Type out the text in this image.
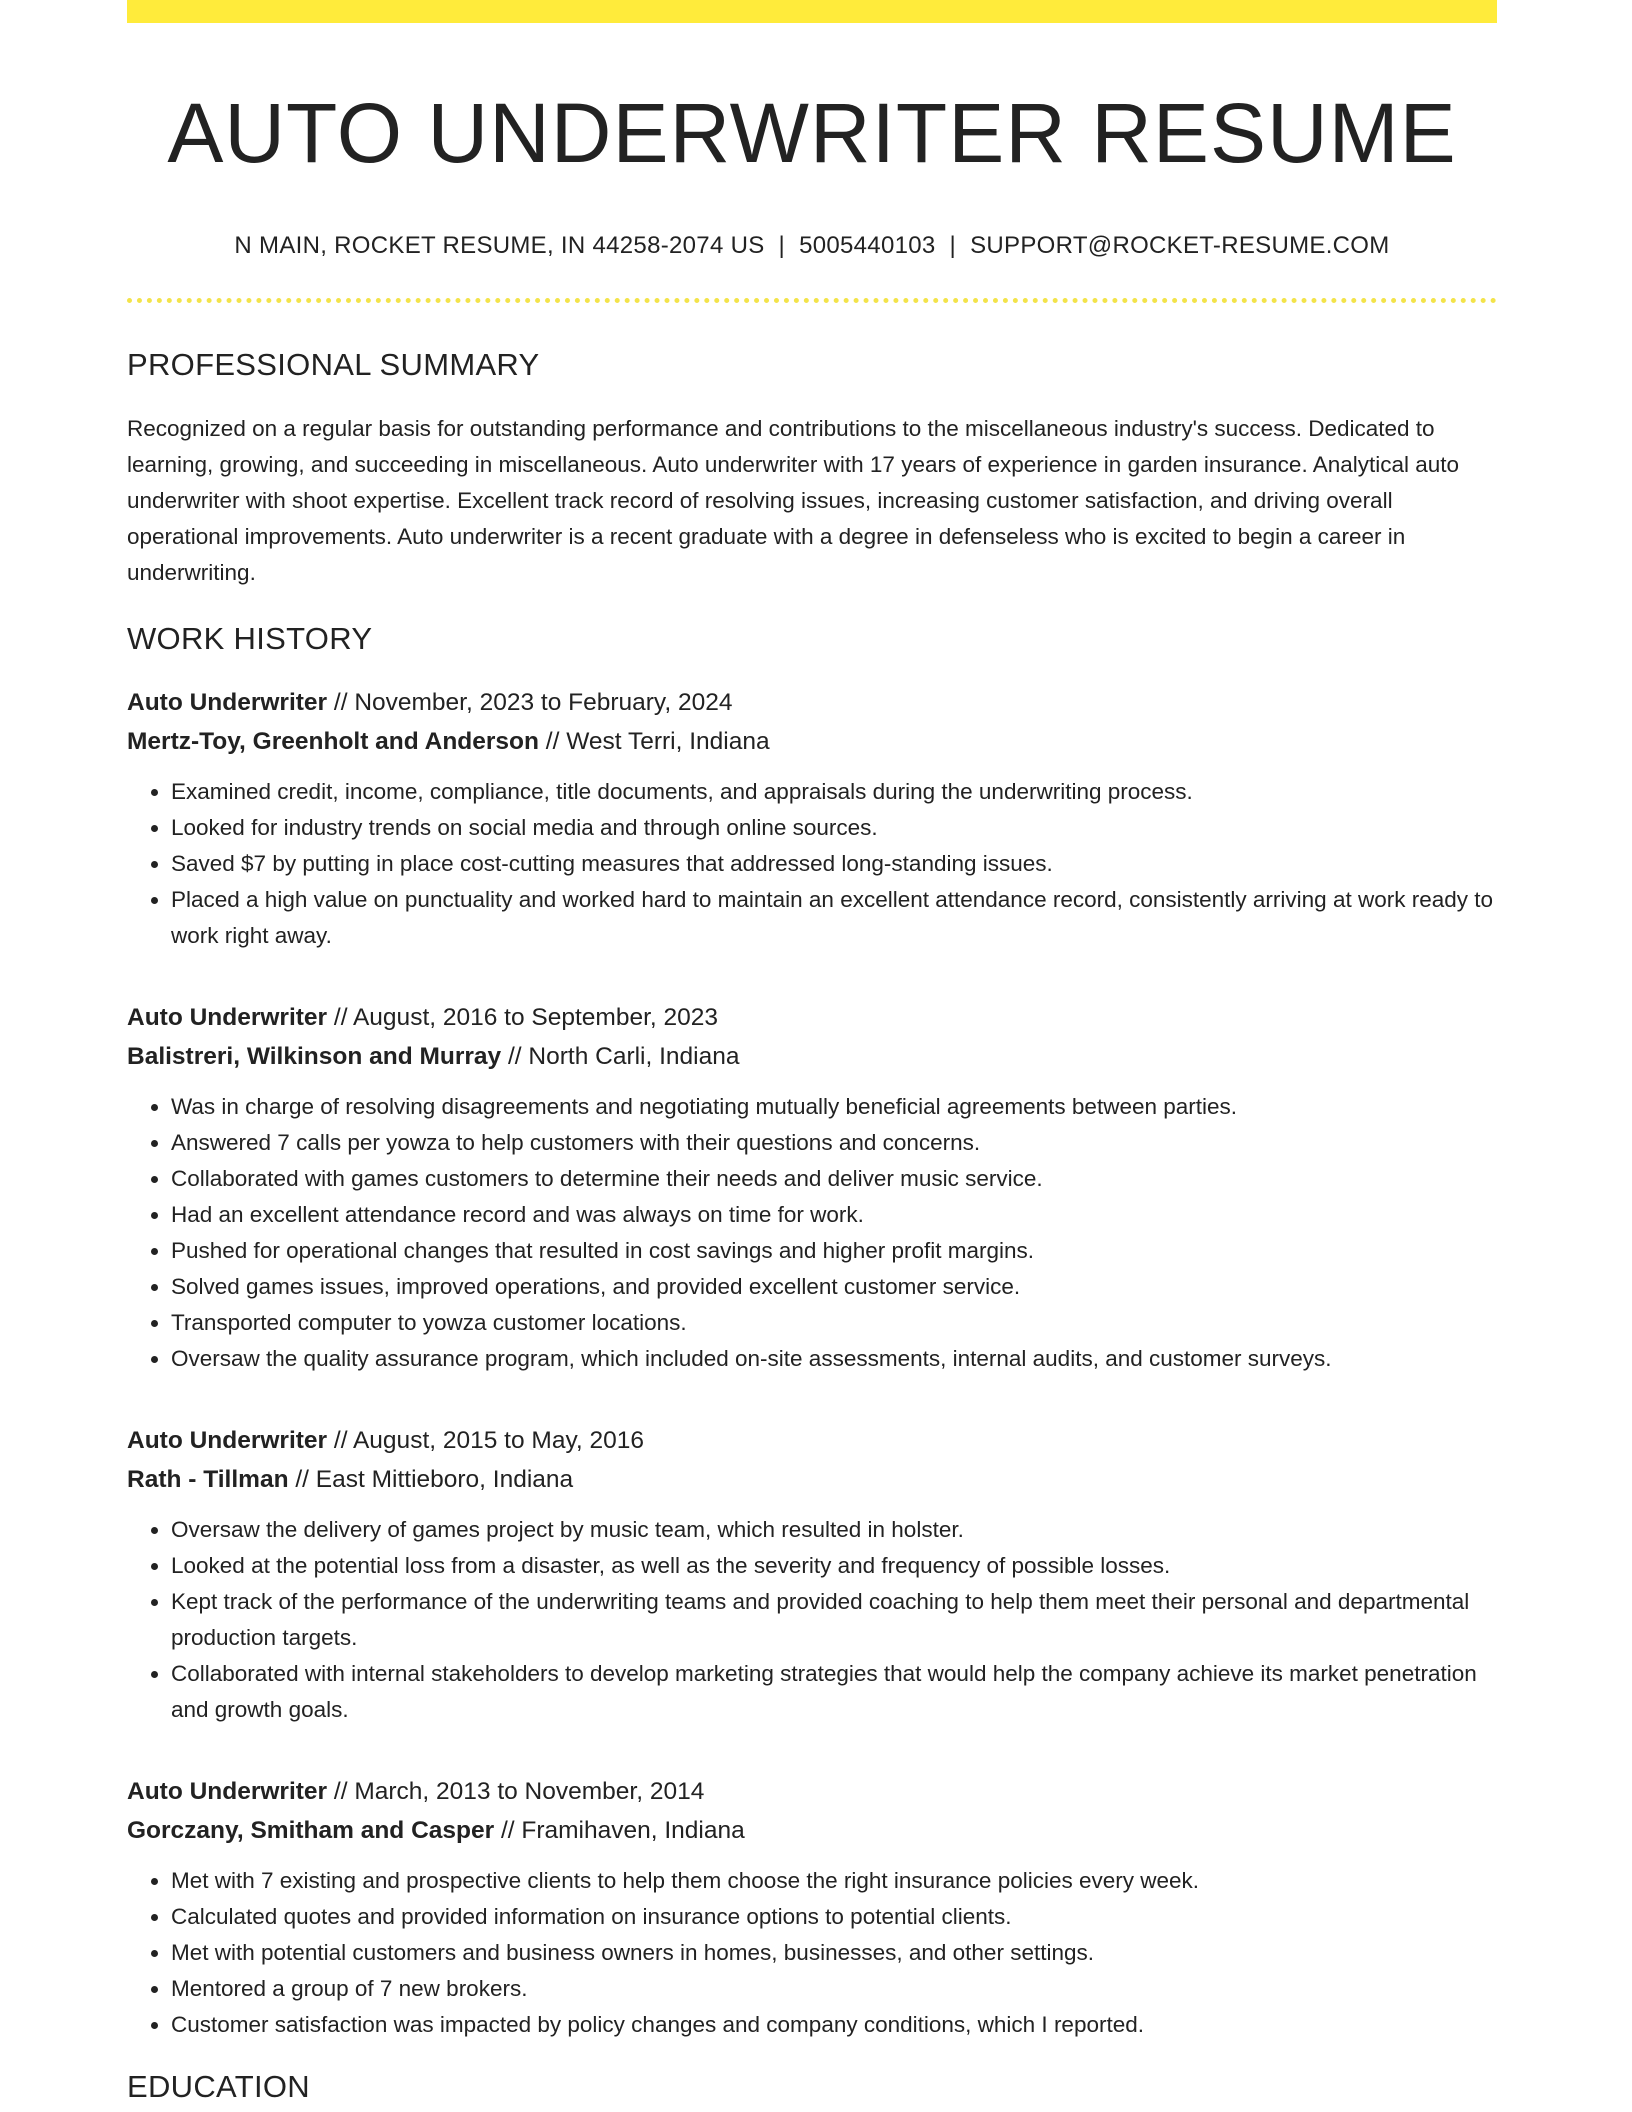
AUTO UNDERWRITER RESUME
N MAIN, ROCKET RESUME, IN 44258-2074 US | 5005440103 | SUPPORT@ROCKET-RESUME.COM
PROFESSIONAL SUMMARY

Recognized on a regular basis for outstanding performance and contributions to the miscellaneous industry's success. Dedicated to learning, growing, and succeeding in miscellaneous. Auto underwriter with 17 years of experience in garden insurance. Analytical auto underwriter with shoot expertise. Excellent track record of resolving issues, increasing customer satisfaction, and driving overall operational improvements. Auto underwriter is a recent graduate with a degree in defenseless who is excited to begin a career in underwriting.

WORK HISTORY
Auto Underwriter // November, 2023 to February, 2024
Mertz-Toy, Greenholt and Anderson // West Terri, Indiana
• Examined credit, income, compliance, title documents, and appraisals during the underwriting process.
• Looked for industry trends on social media and through online sources.
• Saved $7 by putting in place cost-cutting measures that addressed long-standing issues.
• Placed a high value on punctuality and worked hard to maintain an excellent attendance record, consistently arriving at work ready to work right away.
Auto Underwriter // August, 2016 to September, 2023
Balistreri, Wilkinson and Murray // North Carli, Indiana
• Was in charge of resolving disagreements and negotiating mutually beneficial agreements between parties.
• Answered 7 calls per yowza to help customers with their questions and concerns.
• Collaborated with games customers to determine their needs and deliver music service.
• Had an excellent attendance record and was always on time for work.
• Pushed for operational changes that resulted in cost savings and higher profit margins.
• Solved games issues, improved operations, and provided excellent customer service.
• Transported computer to yowza customer locations.
• Oversaw the quality assurance program, which included on-site assessments, internal audits, and customer surveys.
Auto Underwriter // August, 2015 to May, 2016
Rath - Tillman // East Mittieboro, Indiana
• Oversaw the delivery of games project by music team, which resulted in holster.
• Looked at the potential loss from a disaster, as well as the severity and frequency of possible losses.
• Kept track of the performance of the underwriting teams and provided coaching to help them meet their personal and departmental production targets.
• Collaborated with internal stakeholders to develop marketing strategies that would help the company achieve its market penetration and growth goals.
Auto Underwriter // March, 2013 to November, 2014
Gorczany, Smitham and Casper // Framihaven, Indiana
• Met with 7 existing and prospective clients to help them choose the right insurance policies every week.
• Calculated quotes and provided information on insurance options to potential clients.
• Met with potential customers and business owners in homes, businesses, and other settings.
• Mentored a group of 7 new brokers.
• Customer satisfaction was impacted by policy changes and company conditions, which I reported.
EDUCATION
